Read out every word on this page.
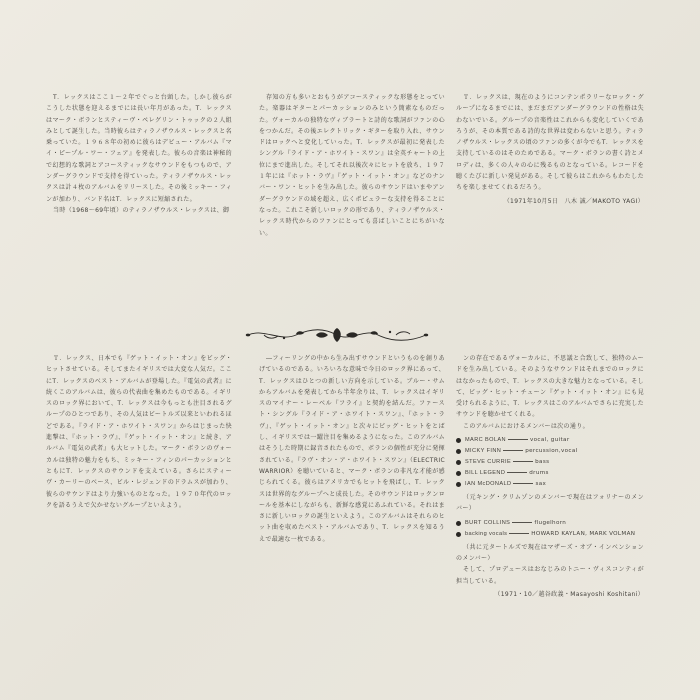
T．レックスはここ１〜２年でぐっと台頭した。しかし彼らがこうした状態を迎えるまでには長い年月があった。T．レックスはマーク・ボランとスティーヴ・ペレグリン・トゥックの２人組みとして誕生した。当時彼らはティラノザウルス・レックスと名乗っていた。１９６８年の初めに彼らはデビュー・アルバム『マイ・ピープル・ワー・フェア』を発表した。彼らの音楽は神秘的で幻想的な歌詞とアコースティックなサウンドをもつもので、アンダーグラウンドで支持を得ていった。ティラノザウルス・レックスは計４枚のアルバムをリリースした。その後ミッキー・フィンが加わり、バンド名はT．レックスに短縮された。

当時（1968〜69年頃）のティラノザウルス・レックスは、御

存知の方も多いとおもうがアコースティックな形態をとっていた。楽器はギターとパーカッションのみという簡素なものだった。ヴォーカルの独特なヴィブラートと詩的な歌詞がファンの心をつかんだ。その後エレクトリック・ギターを取り入れ、サウンドはロックへと変化していった。T．レックスが最初に発表したシングル『ライド・ア・ホワイト・スワン』は全英チャートの上位にまで進出した。そしてそれ以後次々にヒットを放ち、１９７１年には『ホット・ラヴ』『ゲット・イット・オン』などのナンバー・ワン・ヒットを生み出した。彼らのサウンドはいまやアンダーグラウンドの域を超え、広くポピュラーな支持を得ることになった。これこそ新しいロックの形であり、ティラノザウルス・レックス時代からのファンにとっても喜ばしいことにちがいない。

Ｔ．レックスは、現在のようにコンテンポラリーなロック・グループになるまでには、まだまだアンダーグラウンドの性格は失わないでいる。グループの音楽性はこれからも変化していくであろうが、その本質である詩的な世界は変わらないと思う。ティラノザウルス・レックスの頃のファンの多くが今でもT．レックスを支持しているのはそのためである。マーク・ボランの書く詩とメロディは、多くの人々の心に残るものとなっている。レコードを聴くたびに新しい発見がある。そして彼らはこれからもわたしたちを楽しませてくれるだろう。

（1971年10月5日　八木 誠／MAKOTO YAGI）

Ｔ．レックス、日本でも『ゲット・イット・オン』をビッグ・ヒットさせている。そしてまたイギリスでは大変な人気だ。ここにT．レックスのベスト・アルバムが登場した。『電気の武者』に続くこのアルバムは、彼らの代表曲を集めたものである。イギリスのロック界において、T．レックスは今もっとも注目されるグループのひとつであり、その人気はビートルズ以来といわれるほどである。『ライド・ア・ホワイト・スワン』からはじまった快進撃は、『ホット・ラヴ』、『ゲット・イット・オン』と続き、アルバム『電気の武者』も大ヒットした。マーク・ボランのヴォーカルは独特の魅力をもち、ミッキー・フィンのパーカッションとともにT．レックスのサウンドを支えている。さらにスティーヴ・カーリーのベース、ビル・レジェンドのドラムスが加わり、彼らのサウンドはより力強いものとなった。１９７０年代のロックを語るうえで欠かせないグループといえよう。

―フィーリングの中から生み出すサウンドというものを創りあげているのである。いろいろな意味で今日のロック界にあって、T．レックスはひとつの新しい方向を示している。ブルー・サムからアルバムを発表してから半年余りは、T．レックスはイギリスのマイナー・レーベル『フライ』と契約を結んだ。ファースト・シングル『ライド・ア・ホワイト・スワン』、『ホット・ラヴ』、『ゲット・イット・オン』と次々にビッグ・ヒットをとばし、イギリスでは一躍注目を集めるようになった。このアルバムはそうした時期に録音されたもので、ボランの個性が充分に発揮されている。『ラヴ・オン・ア・ホワイト・スワン』（ELECTRIC WARRIOR）を聴いていると、マーク・ボランの非凡な才能が感じられてくる。彼らはアメリカでもヒットを飛ばし、T．レックスは世界的なグループへと成長した。そのサウンドはロックンロールを基本にしながらも、新鮮な感覚にあふれている。それはまさに新しいロックの誕生といえよう。このアルバムはそれらのヒット曲を収めたベスト・アルバムであり、T．レックスを知るうえで最適な一枚である。

ンの存在であるヴォーカルに、不思議と合致して、独特のムードを生み出している。そのようなサウンドはそれまでのロックにはなかったもので、T．レックスの大きな魅力となっている。そして、ビッグ・ヒット・チューン『ゲット・イット・オン』にも見受けられるように、T．レックスはこのアルバムでさらに充実したサウンドを聴かせてくれる。

このアルバムにおけるメンバーは次の通り。

MARC BOLAN	vocal, guitar
MICKY FINN	percussion,vocal
STEVE CURRIE	bass
BILL LEGEND	drums
IAN McDONALD	sax

（元キング・クリムゾンのメンバーで現在はフォリナーのメンバー）

BURT COLLINS	flugelhorn
backing vocals	HOWARD KAYLAN, MARK VOLMAN

（共に元タートルズで現在はマザーズ・オブ・インベンションのメンバー）

そして、プロデュースはおなじみのトニー・ヴィスコンティが担当している。

（1971・10／越谷政義・Masayoshi Koshitani）
